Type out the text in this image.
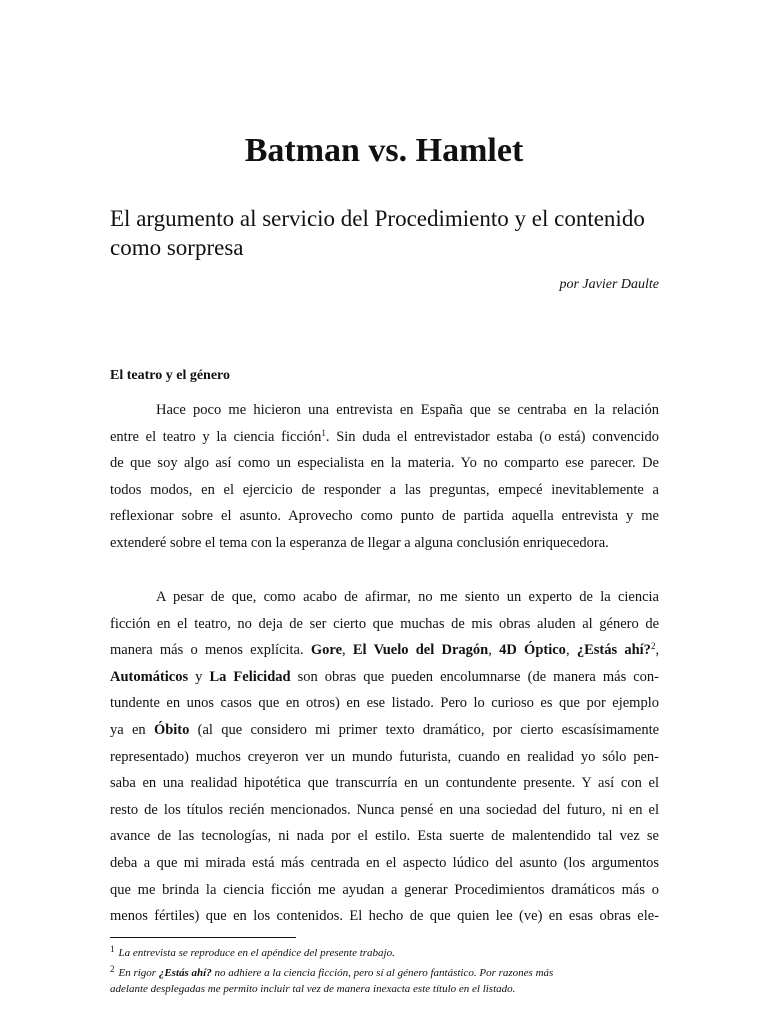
Batman vs. Hamlet
El argumento al servicio del Procedimiento y el contenido como sorpresa
por Javier Daulte
El teatro y el género
Hace poco me hicieron una entrevista en España que se centraba en la relación
entre el teatro y la ciencia ficción$^1$. Sin duda el entrevistador estaba (o está) convencido
de que soy algo así como un especialista en la materia. Yo no comparto ese parecer. De
todos modos, en el ejercicio de responder a las preguntas, empecé inevitablemente a
reflexionar sobre el asunto. Aprovecho como punto de partida aquella entrevista y me
extenderé sobre el tema con la esperanza de llegar a alguna conclusión enriquecedora.
A pesar de que, como acabo de afirmar, no me siento un experto de la ciencia
ficción en el teatro, no deja de ser cierto que muchas de mis obras aluden al género de
manera más o menos explícita. Gore, El Vuelo del Dragón, 4D Óptico, ¿Estás ahí?$^2$,
Automáticos y La Felicidad son obras que pueden encolumnarse (de manera más con-
tundente en unos casos que en otros) en ese listado. Pero lo curioso es que por ejemplo
ya en Óbito (al que considero mi primer texto dramático, por cierto escasísimamente
representado) muchos creyeron ver un mundo futurista, cuando en realidad yo sólo pen-
saba en una realidad hipotética que transcurría en un contundente presente. Y así con el
resto de los títulos recién mencionados. Nunca pensé en una sociedad del futuro, ni en el
avance de las tecnologías, ni nada por el estilo. Esta suerte de malentendido tal vez se
deba a que mi mirada está más centrada en el aspecto lúdico del asunto (los argumentos
que me brinda la ciencia ficción me ayudan a generar Procedimientos dramáticos más o
menos fértiles) que en los contenidos. El hecho de que quien lee (ve) en esas obras ele-
$^1$ La entrevista se reproduce en el apéndice del presente trabajo.
$^2$ En rigor ¿Estás ahí? no adhiere a la ciencia ficción, pero sí al género fantástico. Por razones más
adelante desplegadas me permito incluir tal vez de manera inexacta este título en el listado.
